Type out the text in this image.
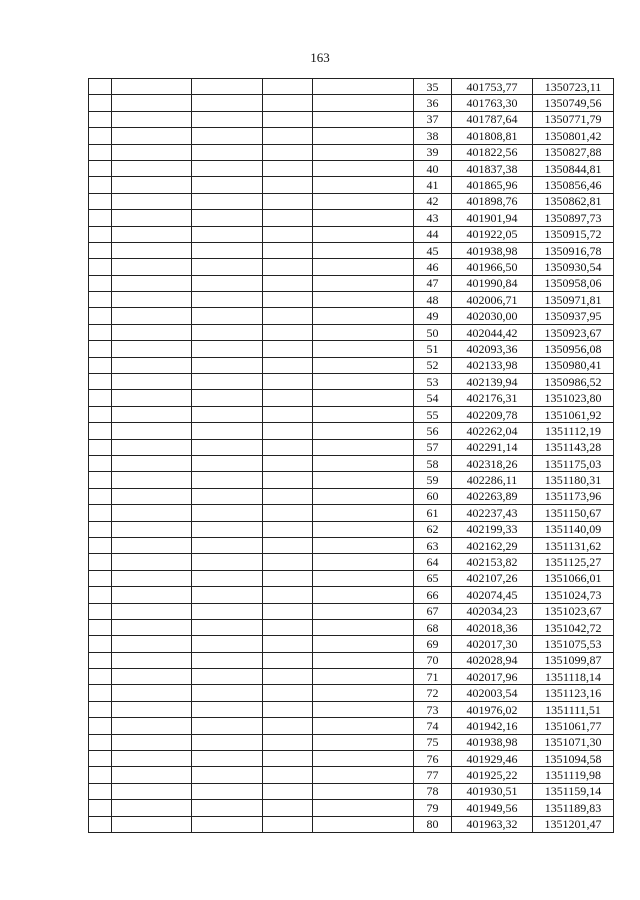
163
					35	401753,77	1350723,11
					36	401763,30	1350749,56
					37	401787,64	1350771,79
					38	401808,81	1350801,42
					39	401822,56	1350827,88
					40	401837,38	1350844,81
					41	401865,96	1350856,46
					42	401898,76	1350862,81
					43	401901,94	1350897,73
					44	401922,05	1350915,72
					45	401938,98	1350916,78
					46	401966,50	1350930,54
					47	401990,84	1350958,06
					48	402006,71	1350971,81
					49	402030,00	1350937,95
					50	402044,42	1350923,67
					51	402093,36	1350956,08
					52	402133,98	1350980,41
					53	402139,94	1350986,52
					54	402176,31	1351023,80
					55	402209,78	1351061,92
					56	402262,04	1351112,19
					57	402291,14	1351143,28
					58	402318,26	1351175,03
					59	402286,11	1351180,31
					60	402263,89	1351173,96
					61	402237,43	1351150,67
					62	402199,33	1351140,09
					63	402162,29	1351131,62
					64	402153,82	1351125,27
					65	402107,26	1351066,01
					66	402074,45	1351024,73
					67	402034,23	1351023,67
					68	402018,36	1351042,72
					69	402017,30	1351075,53
					70	402028,94	1351099,87
					71	402017,96	1351118,14
					72	402003,54	1351123,16
					73	401976,02	1351111,51
					74	401942,16	1351061,77
					75	401938,98	1351071,30
					76	401929,46	1351094,58
					77	401925,22	1351119,98
					78	401930,51	1351159,14
					79	401949,56	1351189,83
					80	401963,32	1351201,47
